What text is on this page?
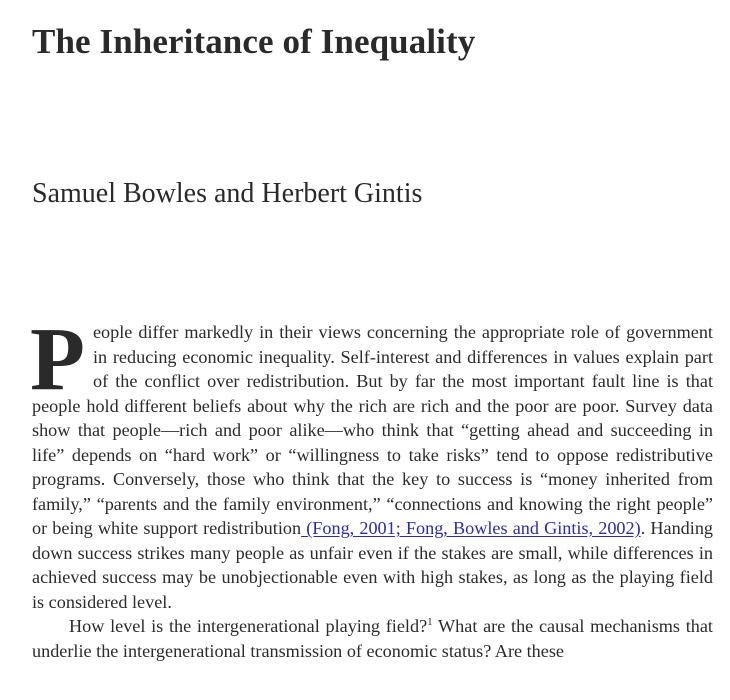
The Inheritance of Inequality
Samuel Bowles and Herbert Gintis

People differ markedly in their views concerning the appropriate role of government in reducing economic inequality. Self-interest and differences in values explain part of the conflict over redistribution. But by far the most important fault line is that people hold different beliefs about why the rich are rich and the poor are poor. Survey data show that people—rich and poor alike—who think that “getting ahead and succeeding in life” depends on “hard work” or “willingness to take risks” tend to oppose redistributive programs. Conversely, those who think that the key to success is “money inherited from family,” “parents and the family environment,” “connections and knowing the right people” or being white support redistribution (Fong, 2001; Fong, Bowles and Gintis, 2002). Handing down success strikes many people as unfair even if the stakes are small, while differences in achieved success may be unobjectionable even with high stakes, as long as the playing field is considered level.

How level is the intergenerational playing field?$^1$ What are the causal mechanisms that underlie the intergenerational transmission of economic status? Are these
